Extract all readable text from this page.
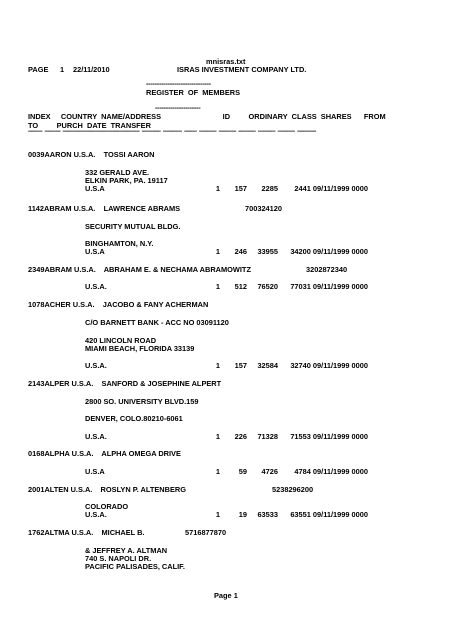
mnisras.txt
PAGE 1 22/11/2010	ISRAS INVESTMENT COMPANY LTD.
------------------------------
REGISTER  OF  MEMBERS
---------------------
INDEX     COUNTRY  NAME/ADDRESS                              ID         ORDINARY  CLASS  SHARES      FROM
TO         PURCH  DATE  TRANSFER
---------  ----------  -------------------------------------------------  ------------  ------------  --------  -----------  -----------  -----------  -----------  -----------  ------------
0039AARON U.S.A.    TOSSI AARON
332 GERALD AVE.
ELKIN PARK, PA. 19117
U.S.A	1 157 2285 2441 09/11/1999 0000
1142ABRAM U.S.A.    LAWRENCE ABRAMS	700324120
SECURITY MUTUAL BLDG.
BINGHAMTON, N.Y.
U.S.A	1 246 33955 34200 09/11/1999 0000
2349ABRAM U.S.A.    ABRAHAM E. & NECHAMA ABRAMOWITZ	3202872340
U.S.A.	1 512 76520 77031 09/11/1999 0000
1078ACHER U.S.A.    JACOBO & FANY ACHERMAN
C/O BARNETT BANK - ACC NO 03091120
420 LINCOLN ROAD
MIAMI BEACH, FLORIDA 33139
U.S.A.	1 157 32584 32740 09/11/1999 0000
2143ALPER U.S.A.    SANFORD & JOSEPHINE ALPERT
2800 SO. UNIVERSITY BLVD.159
DENVER, COLO.80210-6061
U.S.A.	1 226 71328 71553 09/11/1999 0000
0168ALPHA U.S.A.    ALPHA OMEGA DRIVE
U.S.A	1	59 4726 4784 09/11/1999 0000
2001ALTEN U.S.A.    ROSLYN P. ALTENBERG	5238296200
COLORADO
U.S.A.	1	19 63533 63551 09/11/1999 0000
1762ALTMA U.S.A.    MICHAEL B.	5716877870
& JEFFREY A. ALTMAN
740 S. NAPOLI DR.
PACIFIC PALISADES, CALIF.
Page 1
